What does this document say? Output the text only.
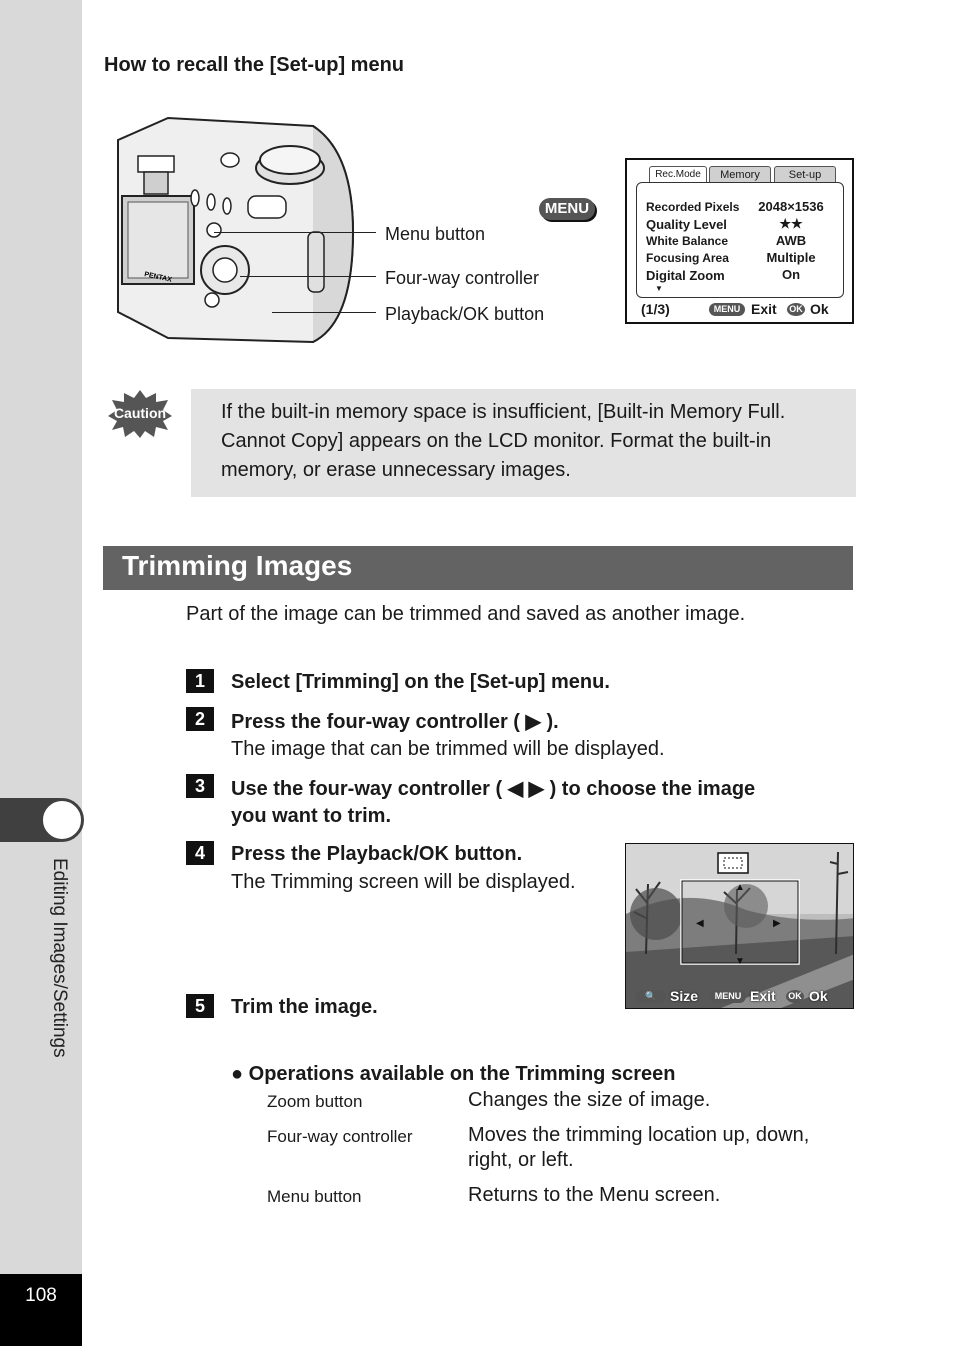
Editing Images/Settings
108
How to recall the [Set-up] menu
PENTAX
Menu button
Four-way controller
Playback/OK button
MENU
Rec.Mode	Memory	Set-up
Recorded Pixels	2048×1536
Quality Level	★★
White Balance	AWB
Focusing Area	Multiple
Digital Zoom	On
▼
(1/3)	MENU Exit OK Ok
Caution	If the built-in memory space is insufficient, [Built-in Memory Full. Cannot Copy] appears on the LCD monitor. Format the built-in memory, or erase unnecessary images.
Trimming Images
Part of the image can be trimmed and saved as another image.
1	Select [Trimming] on the [Set-up] menu.
2	Press the four-way controller ( ▶ ).
The image that can be trimmed will be displayed.
3	Use the four-way controller ( ◀ ▶ ) to choose the image
you want to trim.
4	Press the Playback/OK button.
The Trimming screen will be displayed.
5	Trim the image.
▲
▼
◀	▶
🔍 Size	MENU Exit OK Ok
● Operations available on the Trimming screen
Zoom button	Changes the size of image.
Four-way controller	Moves the trimming location up, down, right, or left.
Menu button	Returns to the Menu screen.
